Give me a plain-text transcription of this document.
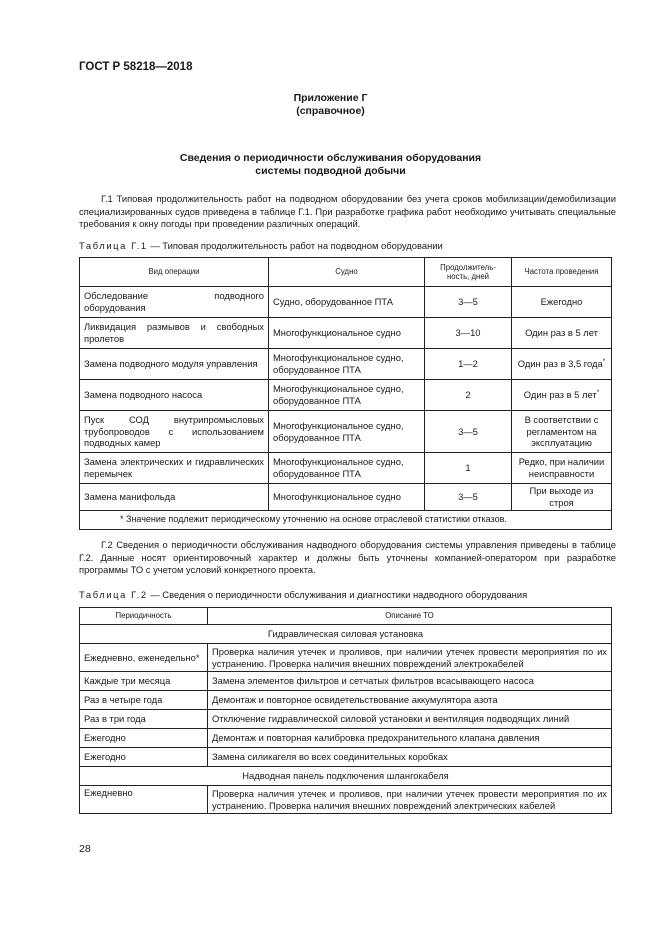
ГОСТ Р 58218—2018
Приложение Г
(справочное)
Сведения о периодичности обслуживания оборудования
системы подводной добычи
Г.1 Типовая продолжительность работ на подводном оборудовании без учета сроков мобилизации/демобилизации специализированных судов приведена в таблице Г.1. При разработке графика работ необходимо учитывать специальные требования к окну погоды при проведении различных операций.
Таблица Г.1 — Типовая продолжительность работ на подводном оборудовании
Вид операции	Судно	Продолжитель-ность, дней	Частота проведения
Обследование подводного оборудования	Судно, оборудованное ПТА	3—5	Ежегодно
Ликвидация размывов и свободных пролетов	Многофункциональное судно	3—10	Один раз в 5 лет
Замена подводного модуля управления	Многофункциональное судно, оборудованное ПТА	1—2	Один раз в 3,5 года*
Замена подводного насоса	Многофункциональное судно, оборудованное ПТА	2	Один раз в 5 лет*
Пуск СОД внутрипромысловых трубопроводов с использованием подводных камер	Многофункциональное судно, оборудованное ПТА	3—5	В соответствии с регламентом на эксплуатацию
Замена электрических и гидравлических перемычек	Многофункциональное судно, оборудованное ПТА	1	Редко, при наличии неисправности
Замена манифольда	Многофункциональное судно	3—5	При выходе из строя
* Значение подлежит периодическому уточнению на основе отраслевой статистики отказов.			
Г.2 Сведения о периодичности обслуживания надводного оборудования системы управления приведены в таблице Г.2. Данные носят ориентировочный характер и должны быть уточнены компанией-оператором при разработке программы ТО с учетом условий конкретного проекта.
Таблица Г.2 — Сведения о периодичности обслуживания и диагностики надводного оборудования
Периодичность	Описание ТО
Гидравлическая силовая установка	
Ежедневно, еженедельно*	Проверка наличия утечек и проливов, при наличии утечек провести мероприятия по их устранению. Проверка наличия внешних повреждений электрокабелей
Каждые три месяца	Замена элементов фильтров и сетчатых фильтров всасывающего насоса
Раз в четыре года	Демонтаж и повторное освидетельствование аккумулятора азота
Раз в три года	Отключение гидравлической силовой установки и вентиляция подводящих линий
Ежегодно	Демонтаж и повторная калибровка предохранительного клапана давления
Ежегодно	Замена силикагеля во всех соединительных коробках
Надводная панель подключения шлангокабеля	
Ежедневно	Проверка наличия утечек и проливов, при наличии утечек провести мероприятия по их устранению. Проверка наличия внешних повреждений электрических кабелей
28
